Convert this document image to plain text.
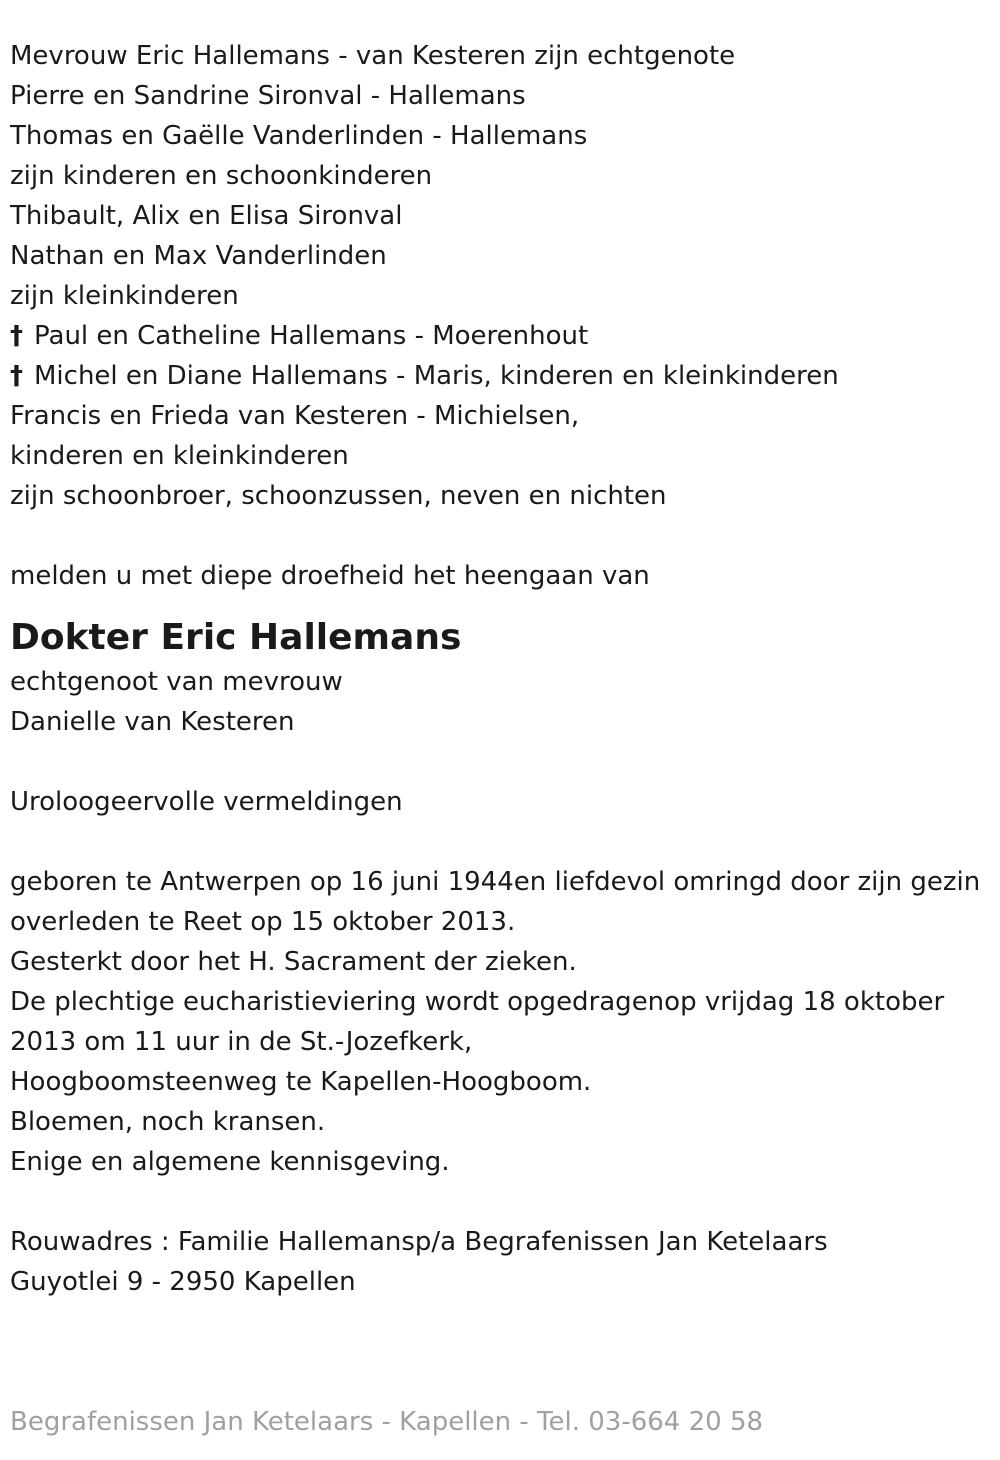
Mevrouw Eric Hallemans - van Kesteren zijn echtgenote
Pierre en Sandrine Sironval - Hallemans
Thomas en Gaëlle Vanderlinden - Hallemans
zijn kinderen en schoonkinderen
Thibault, Alix en Elisa Sironval
Nathan en Max Vanderlinden
zijn kleinkinderen
† Paul en Catheline Hallemans - Moerenhout
† Michel en Diane Hallemans - Maris, kinderen en kleinkinderen
Francis en Frieda van Kesteren - Michielsen,
kinderen en kleinkinderen
zijn schoonbroer, schoonzussen, neven en nichten
melden u met diepe droefheid het heengaan van
Dokter Eric Hallemans
echtgenoot van mevrouw
Danielle van Kesteren
Uroloogeervolle vermeldingen
geboren te Antwerpen op 16 juni 1944en liefdevol omringd door zijn gezin
overleden te Reet op 15 oktober 2013.
Gesterkt door het H. Sacrament der zieken.
De plechtige eucharistieviering wordt opgedragenop vrijdag 18 oktober 2013 om 11 uur in de St.-Jozefkerk,
Hoogboomsteenweg te Kapellen-Hoogboom.
Bloemen, noch kransen.
Enige en algemene kennisgeving.
Rouwadres : Familie Hallemansp/a Begrafenissen Jan Ketelaars
Guyotlei 9 - 2950 Kapellen
Begrafenissen Jan Ketelaars - Kapellen - Tel. 03-664 20 58
